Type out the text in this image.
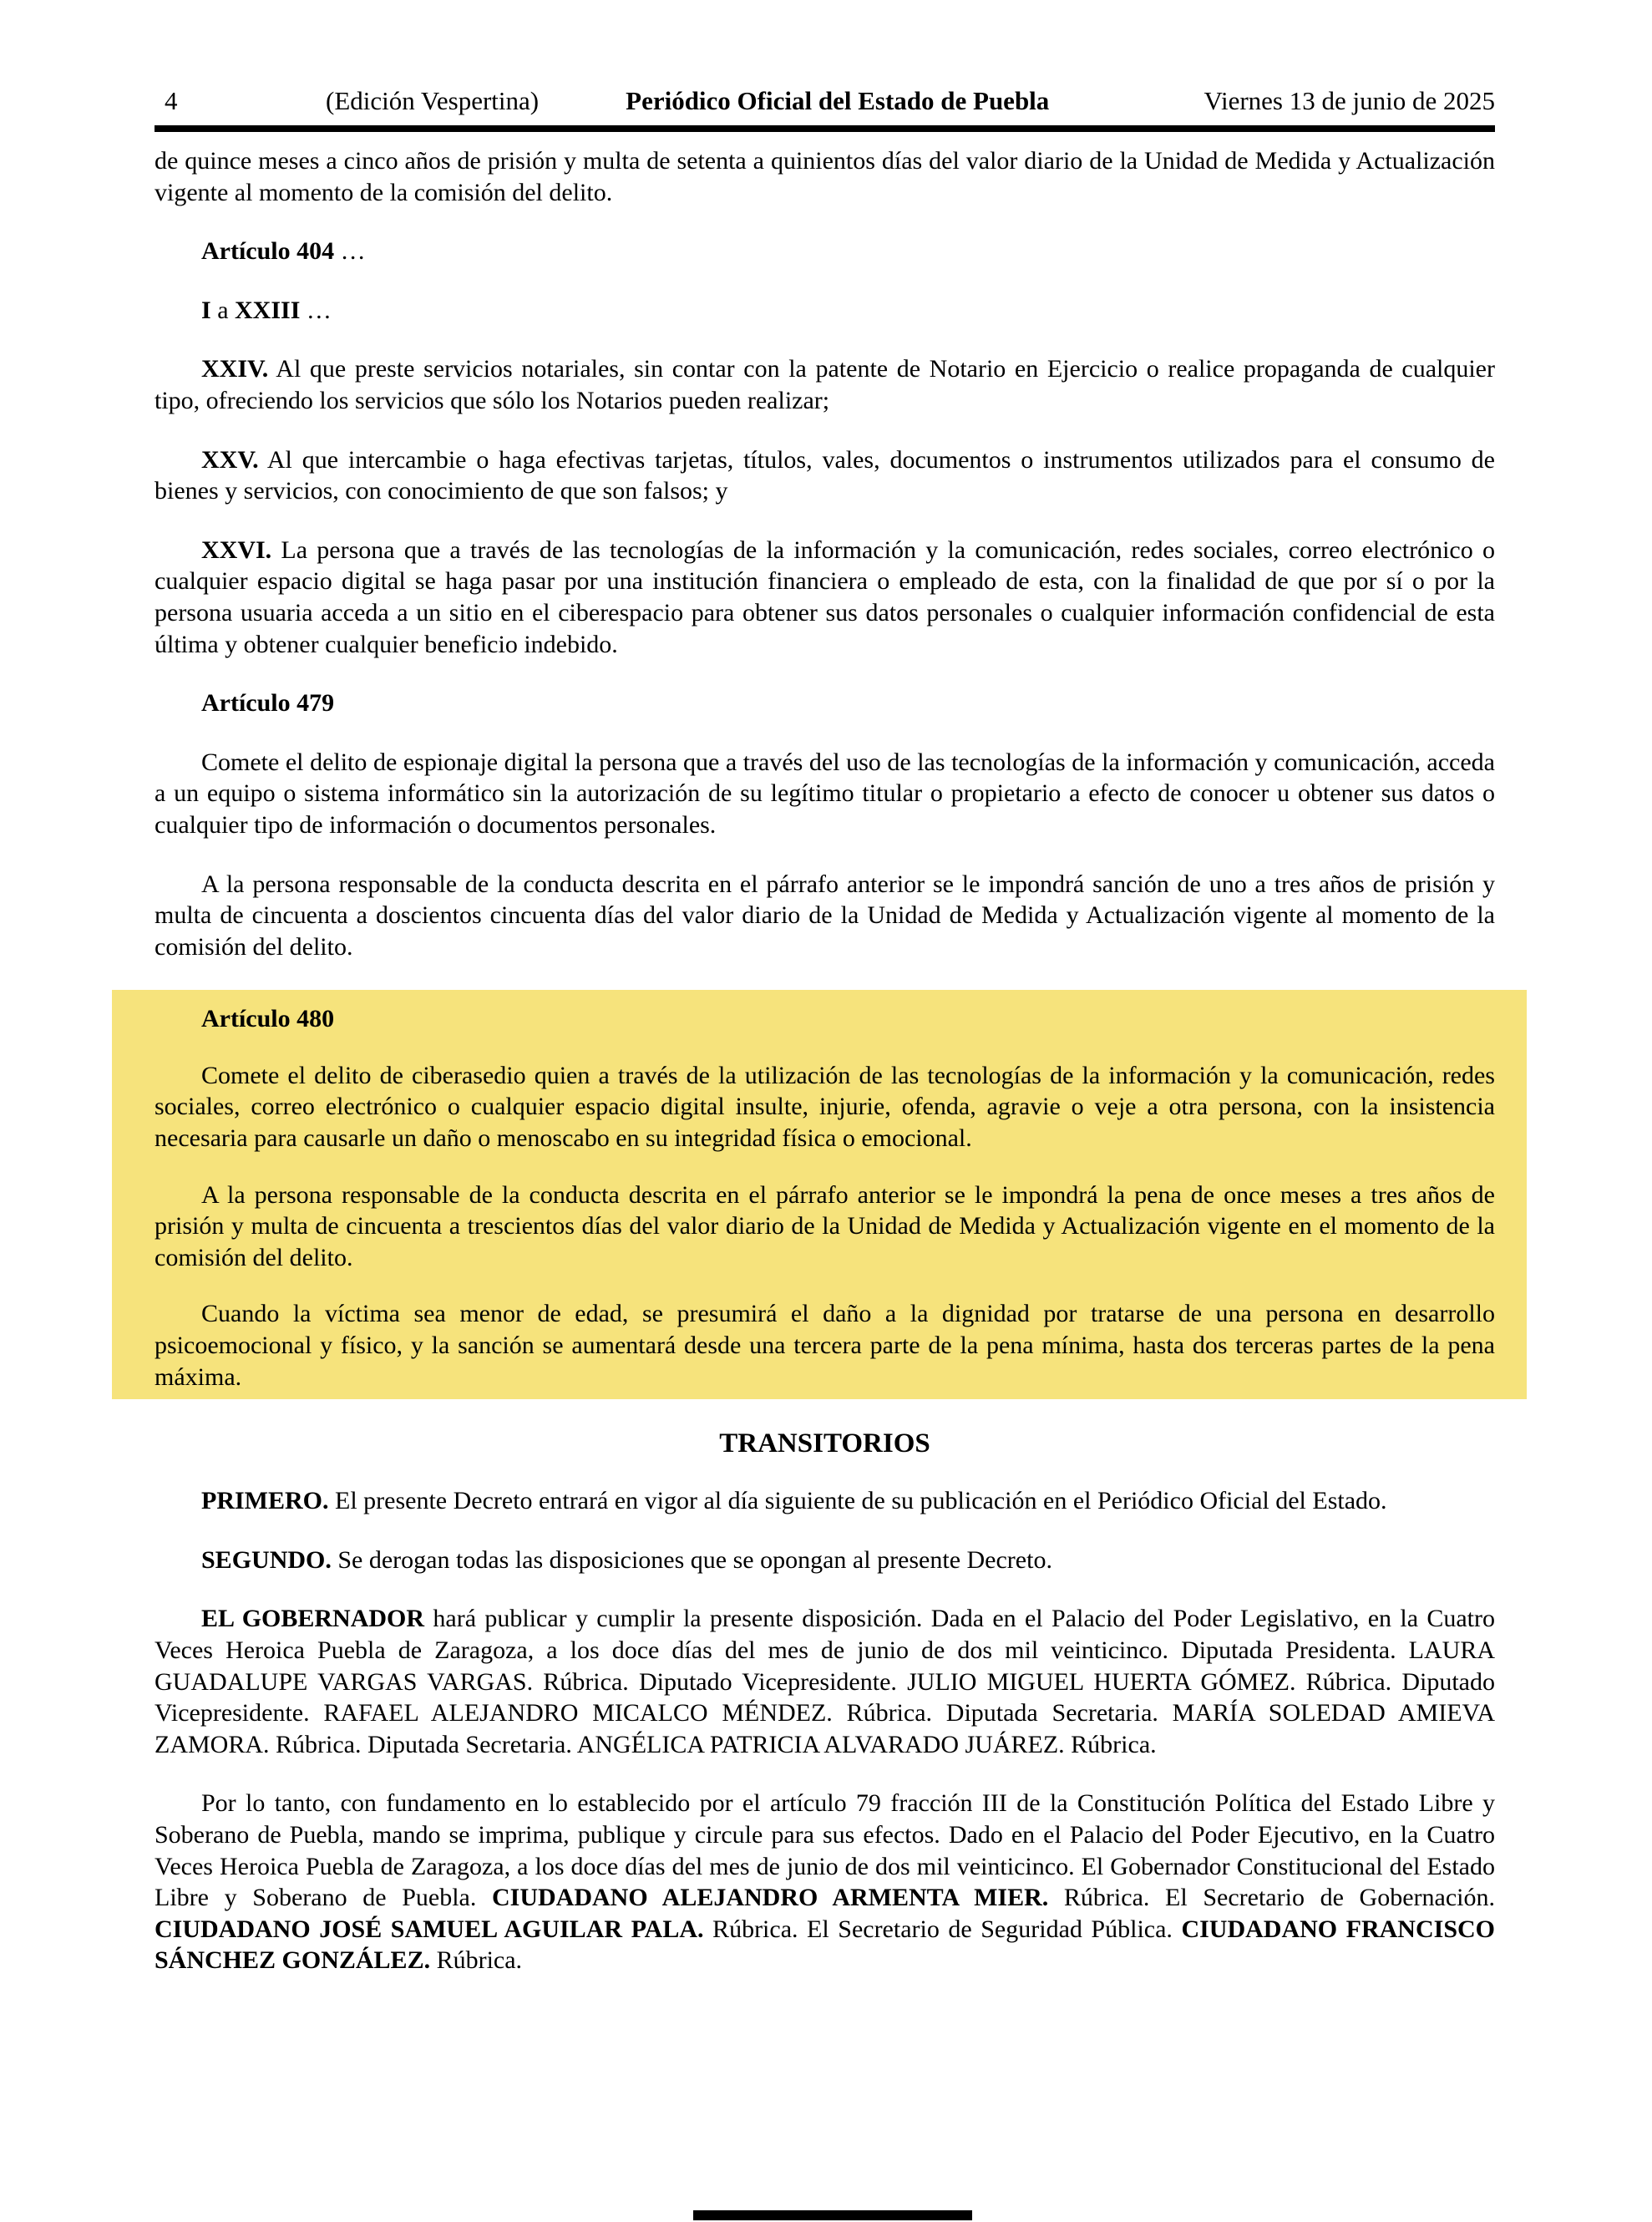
4	(Edición Vespertina)	Periódico Oficial del Estado de Puebla	Viernes 13 de junio de 2025

de quince meses a cinco años de prisión y multa de setenta a quinientos días del valor diario de la Unidad de Medida y Actualización vigente al momento de la comisión del delito.

Artículo 404 …

I a XXIII …

XXIV. Al que preste servicios notariales, sin contar con la patente de Notario en Ejercicio o realice propaganda de cualquier tipo, ofreciendo los servicios que sólo los Notarios pueden realizar;

XXV. Al que intercambie o haga efectivas tarjetas, títulos, vales, documentos o instrumentos utilizados para el consumo de bienes y servicios, con conocimiento de que son falsos; y

XXVI. La persona que a través de las tecnologías de la información y la comunicación, redes sociales, correo electrónico o cualquier espacio digital se haga pasar por una institución financiera o empleado de esta, con la finalidad de que por sí o por la persona usuaria acceda a un sitio en el ciberespacio para obtener sus datos personales o cualquier información confidencial de esta última y obtener cualquier beneficio indebido.

Artículo 479

Comete el delito de espionaje digital la persona que a través del uso de las tecnologías de la información y comunicación, acceda a un equipo o sistema informático sin la autorización de su legítimo titular o propietario a efecto de conocer u obtener sus datos o cualquier tipo de información o documentos personales.

A la persona responsable de la conducta descrita en el párrafo anterior se le impondrá sanción de uno a tres años de prisión y multa de cincuenta a doscientos cincuenta días del valor diario de la Unidad de Medida y Actualización vigente al momento de la comisión del delito.

Artículo 480

Comete el delito de ciberasedio quien a través de la utilización de las tecnologías de la información y la comunicación, redes sociales, correo electrónico o cualquier espacio digital insulte, injurie, ofenda, agravie o veje a otra persona, con la insistencia necesaria para causarle un daño o menoscabo en su integridad física o emocional.

A la persona responsable de la conducta descrita en el párrafo anterior se le impondrá la pena de once meses a tres años de prisión y multa de cincuenta a trescientos días del valor diario de la Unidad de Medida y Actualización vigente en el momento de la comisión del delito.

Cuando la víctima sea menor de edad, se presumirá el daño a la dignidad por tratarse de una persona en desarrollo psicoemocional y físico, y la sanción se aumentará desde una tercera parte de la pena mínima, hasta dos terceras partes de la pena máxima.

TRANSITORIOS

PRIMERO. El presente Decreto entrará en vigor al día siguiente de su publicación en el Periódico Oficial del Estado.

SEGUNDO. Se derogan todas las disposiciones que se opongan al presente Decreto.

EL GOBERNADOR hará publicar y cumplir la presente disposición. Dada en el Palacio del Poder Legislativo, en la Cuatro Veces Heroica Puebla de Zaragoza, a los doce días del mes de junio de dos mil veinticinco. Diputada Presidenta. LAURA GUADALUPE VARGAS VARGAS. Rúbrica. Diputado Vicepresidente. JULIO MIGUEL HUERTA GÓMEZ. Rúbrica. Diputado Vicepresidente. RAFAEL ALEJANDRO MICALCO MÉNDEZ. Rúbrica. Diputada Secretaria. MARÍA SOLEDAD AMIEVA ZAMORA. Rúbrica. Diputada Secretaria. ANGÉLICA PATRICIA ALVARADO JUÁREZ. Rúbrica.

Por lo tanto, con fundamento en lo establecido por el artículo 79 fracción III de la Constitución Política del Estado Libre y Soberano de Puebla, mando se imprima, publique y circule para sus efectos. Dado en el Palacio del Poder Ejecutivo, en la Cuatro Veces Heroica Puebla de Zaragoza, a los doce días del mes de junio de dos mil veinticinco. El Gobernador Constitucional del Estado Libre y Soberano de Puebla. CIUDADANO ALEJANDRO ARMENTA MIER. Rúbrica. El Secretario de Gobernación. CIUDADANO JOSÉ SAMUEL AGUILAR PALA. Rúbrica. El Secretario de Seguridad Pública. CIUDADANO FRANCISCO SÁNCHEZ GONZÁLEZ. Rúbrica.
